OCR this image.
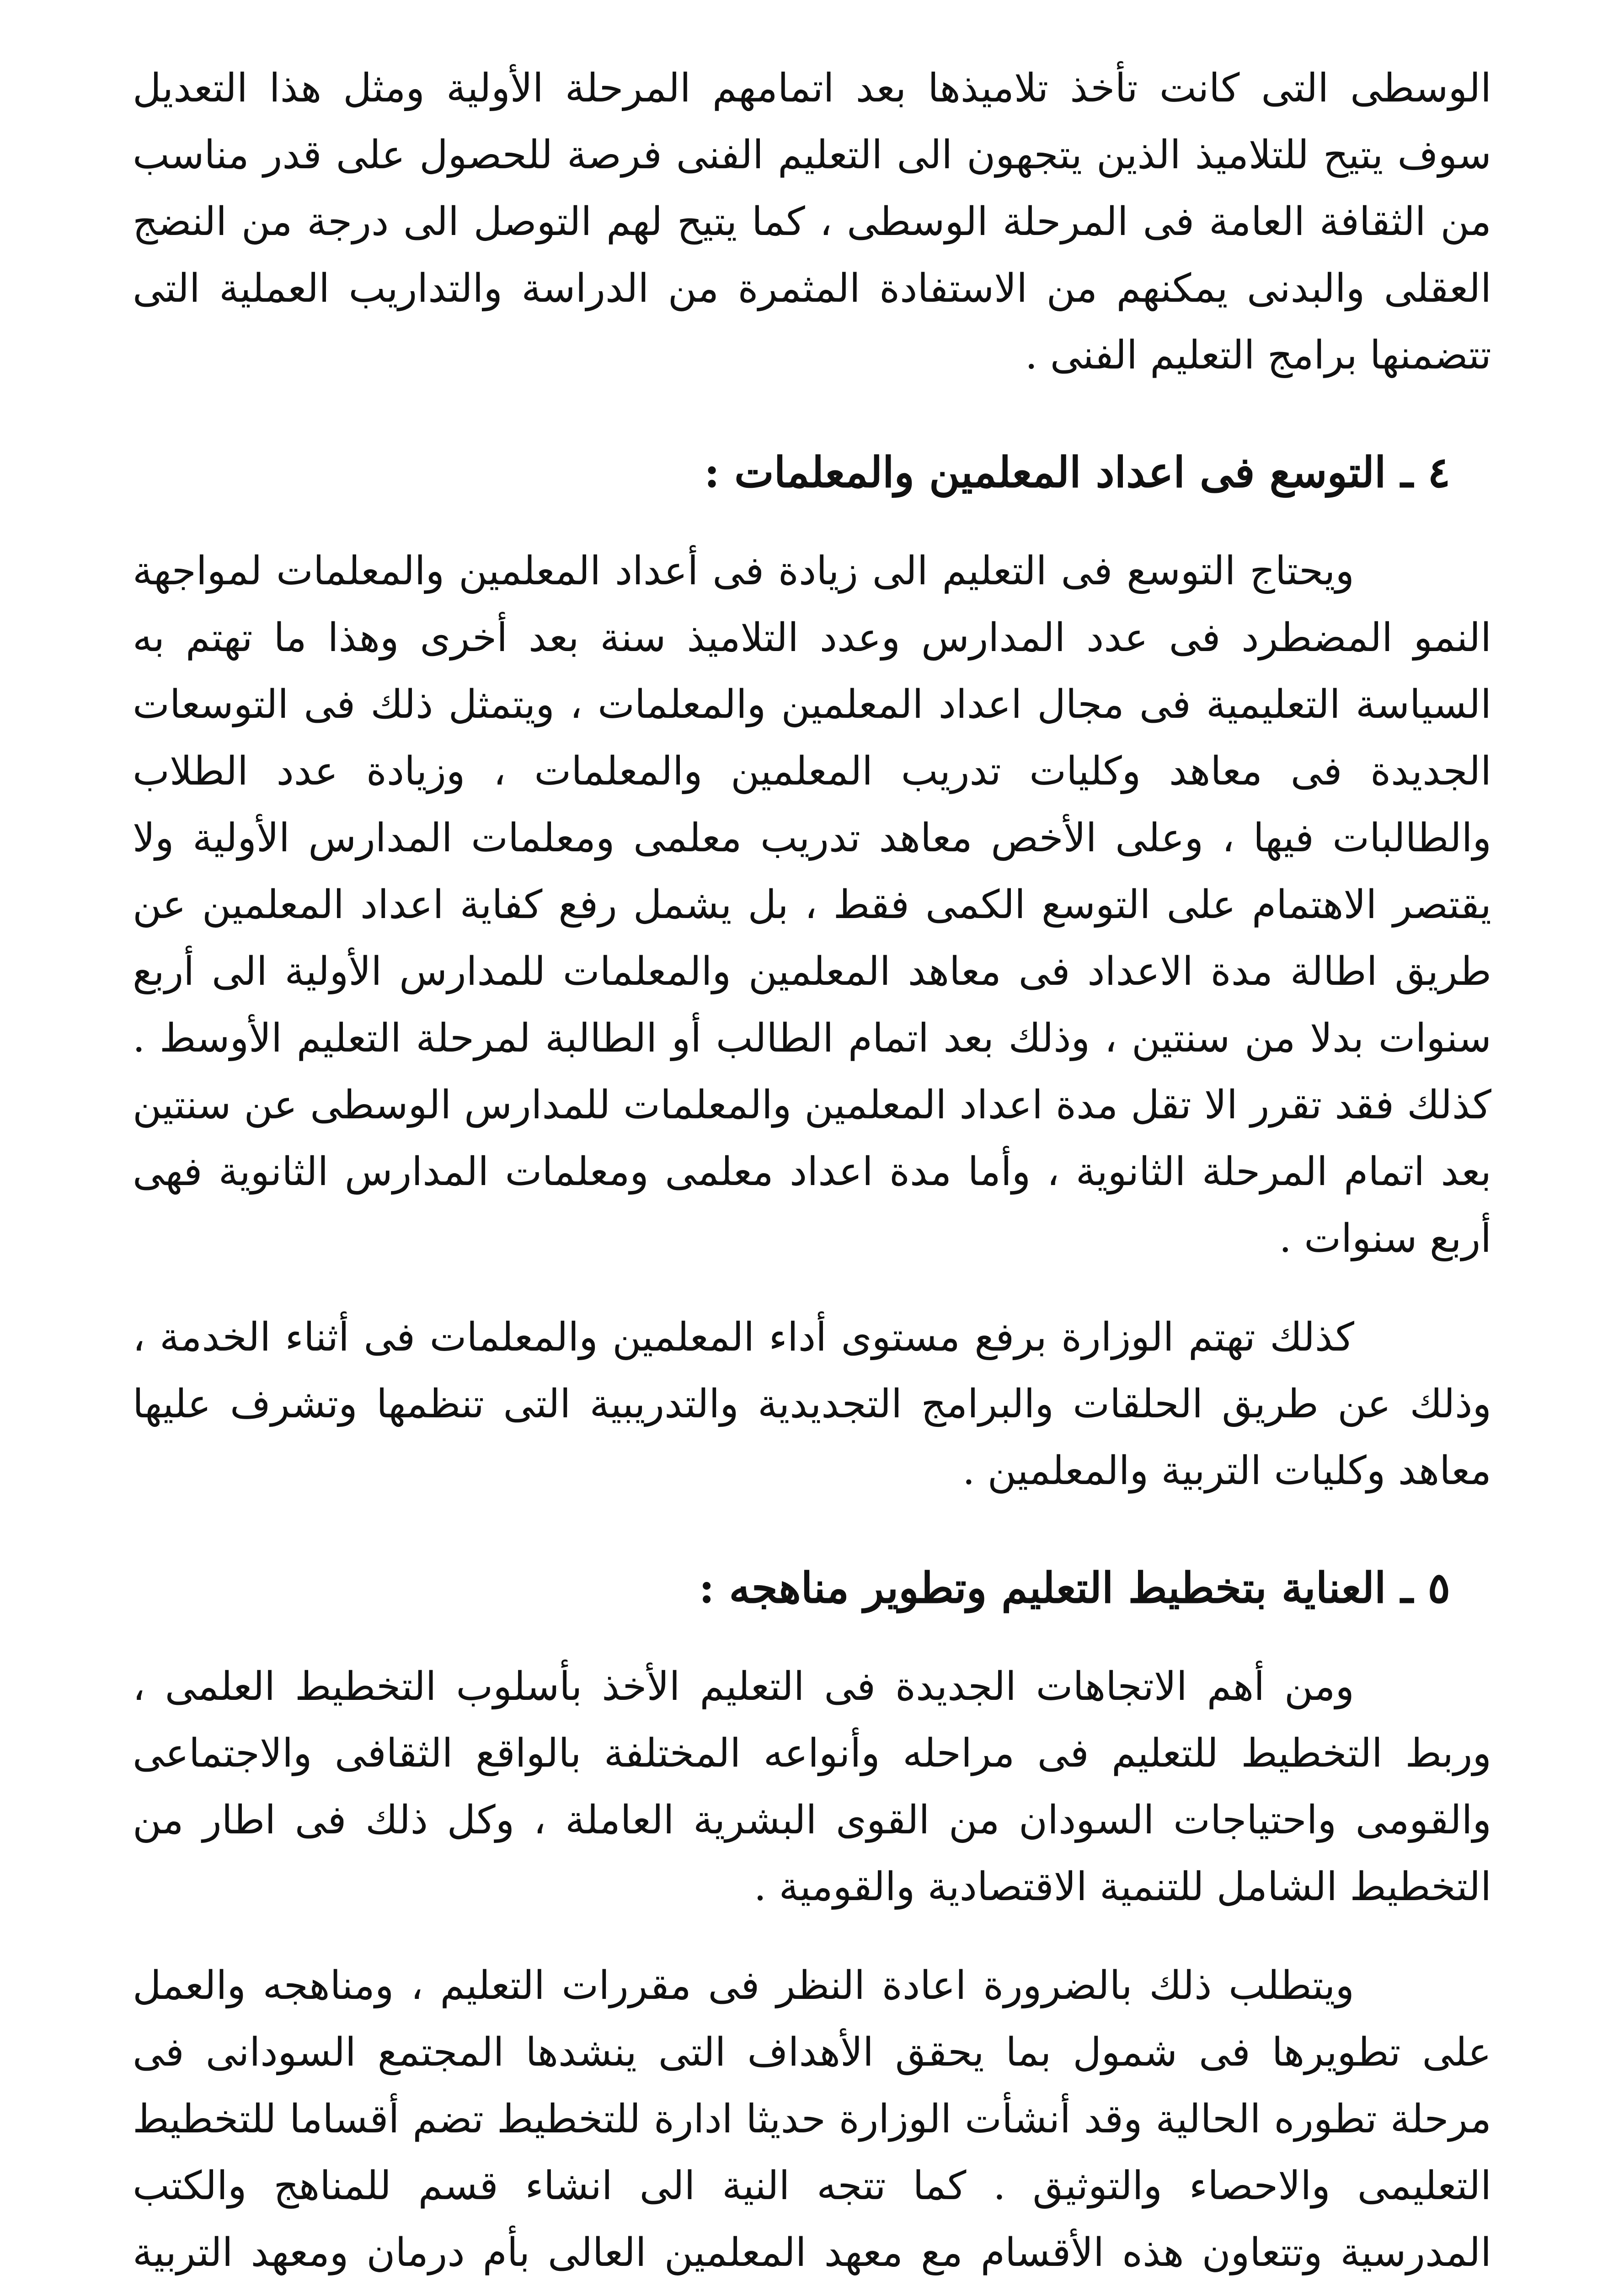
الوسطى التى كانت تأخذ تلاميذها بعد اتمامهم المرحلة الأولية ومثل هذا التعديل سوف يتيح للتلاميذ الذين يتجهون الى التعليم الفنى فرصة للحصول على قدر مناسب من الثقافة العامة فى المرحلة الوسطى ، كما يتيح لهم التوصل الى درجة من النضج العقلى والبدنى يمكنهم من الاستفادة المثمرة من الدراسة والتداريب العملية التى تتضمنها برامج التعليم الفنى .

٤ ـ التوسع فى اعداد المعلمين والمعلمات :

ويحتاج التوسع فى التعليم الى زيادة فى أعداد المعلمين والمعلمات لمواجهة النمو المضطرد فى عدد المدارس وعدد التلاميذ سنة بعد أخرى وهذا ما تهتم به السياسة التعليمية فى مجال اعداد المعلمين والمعلمات ، ويتمثل ذلك فى التوسعات الجديدة فى معاهد وكليات تدريب المعلمين والمعلمات ، وزيادة عدد الطلاب والطالبات فيها ، وعلى الأخص معاهد تدريب معلمى ومعلمات المدارس الأولية ولا يقتصر الاهتمام على التوسع الكمى فقط ، بل يشمل رفع كفاية اعداد المعلمين عن طريق اطالة مدة الاعداد فى معاهد المعلمين والمعلمات للمدارس الأولية الى أربع سنوات بدلا من سنتين ، وذلك بعد اتمام الطالب أو الطالبة لمرحلة التعليم الأوسط . كذلك فقد تقرر الا تقل مدة اعداد المعلمين والمعلمات للمدارس الوسطى عن سنتين بعد اتمام المرحلة الثانوية ، وأما مدة اعداد معلمى ومعلمات المدارس الثانوية فهى أربع سنوات .

كذلك تهتم الوزارة برفع مستوى أداء المعلمين والمعلمات فى أثناء الخدمة ، وذلك عن طريق الحلقات والبرامج التجديدية والتدريبية التى تنظمها وتشرف عليها معاهد وكليات التربية والمعلمين .

٥ ـ العناية بتخطيط التعليم وتطوير مناهجه :

ومن أهم الاتجاهات الجديدة فى التعليم الأخذ بأسلوب التخطيط العلمى ، وربط التخطيط للتعليم فى مراحله وأنواعه المختلفة بالواقع الثقافى والاجتماعى والقومى واحتياجات السودان من القوى البشرية العاملة ، وكل ذلك فى اطار من التخطيط الشامل للتنمية الاقتصادية والقومية .

ويتطلب ذلك بالضرورة اعادة النظر فى مقررات التعليم ، ومناهجه والعمل على تطويرها فى شمول بما يحقق الأهداف التى ينشدها المجتمع السودانى فى مرحلة تطوره الحالية وقد أنشأت الوزارة حديثا ادارة للتخطيط تضم أقساما للتخطيط التعليمى والاحصاء والتوثيق . كما تتجه النية الى انشاء قسم للمناهج والكتب المدرسية وتتعاون هذه الأقسام مع معهد المعلمين العالى بأم درمان ومعهد التربية
